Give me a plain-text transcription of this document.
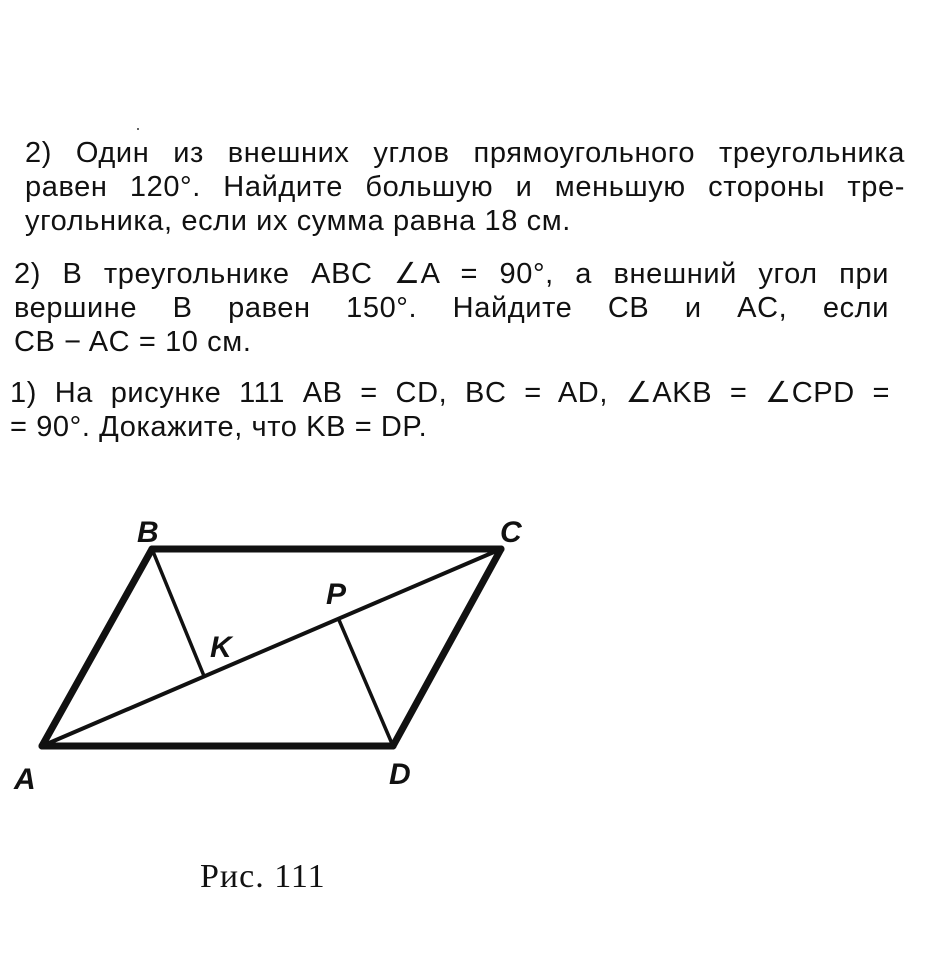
2) Один из внешних углов прямоугольного треугольника
равен 120°. Найдите большую и меньшую стороны тре-
угольника, если их сумма равна 18 см.

2) В треугольнике ABC ∠A = 90°, а внешний угол при
вершине B равен 150°. Найдите CB и AC, если
CB − AC = 10 см.

1) На рисунке 111 AB = CD, BC = AD, ∠AKB = ∠CPD =
= 90°. Докажите, что KB = DP.

B	C
A	D
K
P
Рис. 111
